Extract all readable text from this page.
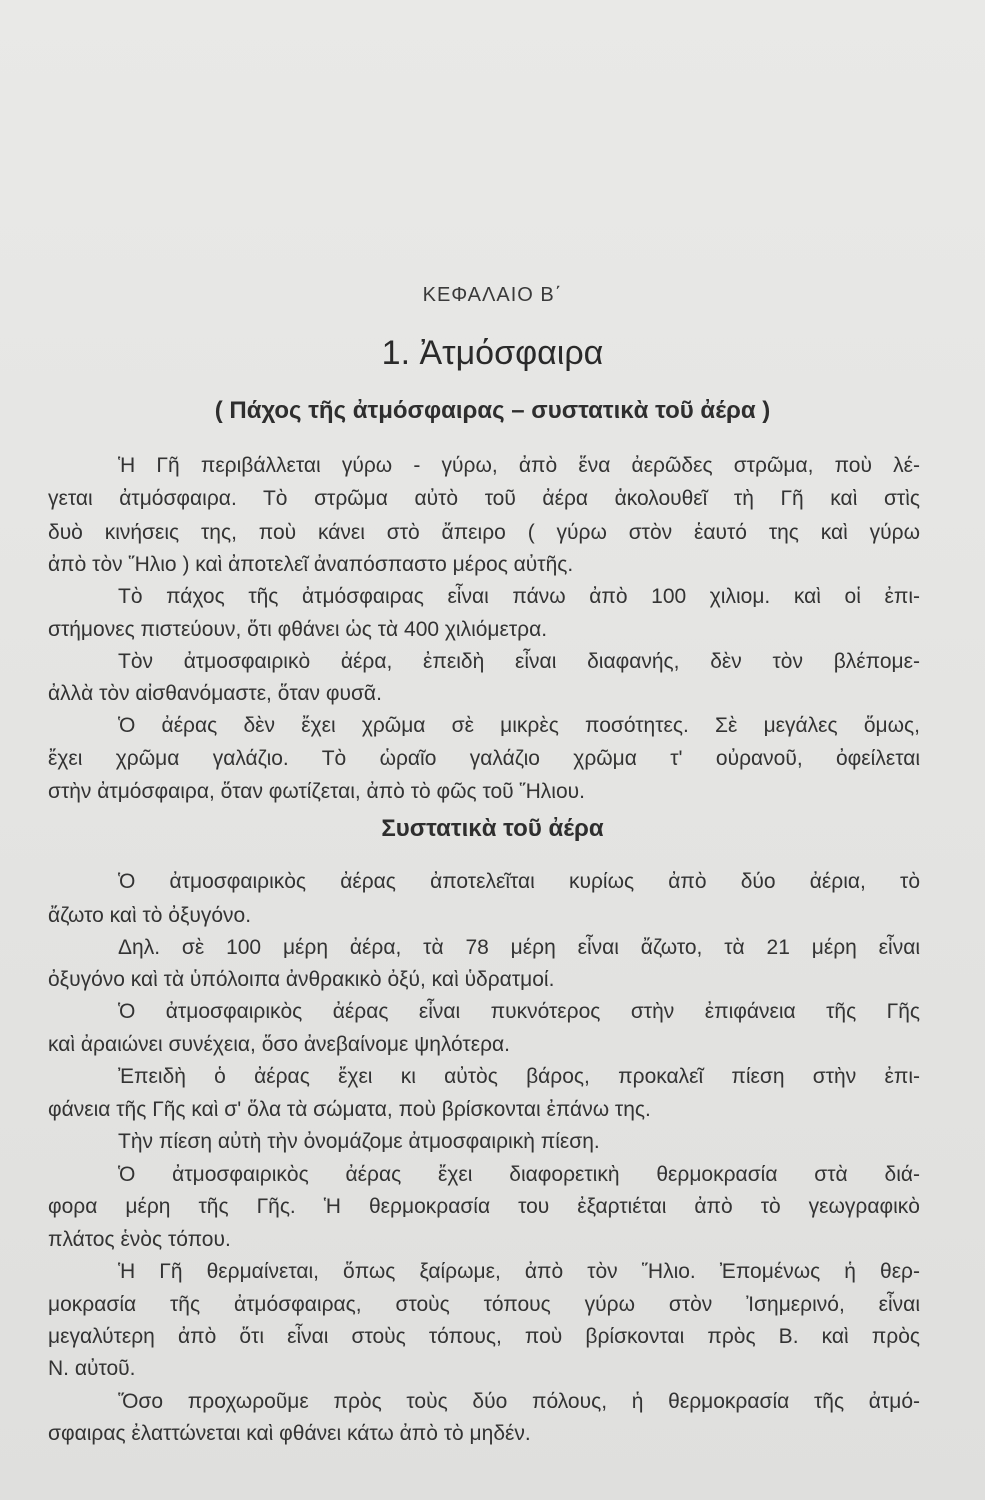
ΚΕΦΑΛΑΙΟ Β΄
1. Ἀτμόσφαιρα
( Πάχος τῆς ἀτμόσφαιρας – συστατικὰ τοῦ ἀέρα )
Ἡ Γῆ περιβάλλεται γύρω - γύρω, ἀπὸ ἕνα ἀερῶδες στρῶμα, ποὺ λέ-
γεται ἀτμόσφαιρα. Τὸ στρῶμα αὐτὸ τοῦ ἀέρα ἀκολουθεῖ τὴ Γῆ καὶ στὶς
δυὸ κινήσεις της, ποὺ κάνει στὸ ἄπειρο ( γύρω στὸν ἑαυτό της καὶ γύρω
ἀπὸ τὸν Ἥλιο ) καὶ ἀποτελεῖ ἀναπόσπαστο μέρος αὐτῆς.
Τὸ πάχος τῆς ἀτμόσφαιρας εἶναι πάνω ἀπὸ 100 χιλιομ. καὶ οἱ ἐπι-
στήμονες πιστεύουν, ὅτι φθάνει ὡς τὰ 400 χιλιόμετρα.
Τὸν ἀτμοσφαιρικὸ ἀέρα, ἐπειδὴ εἶναι διαφανής, δὲν τὸν βλέπομε-
ἀλλὰ τὸν αἰσθανόμαστε, ὅταν φυσᾶ.
Ὁ ἀέρας δὲν ἔχει χρῶμα σὲ μικρὲς ποσότητες. Σὲ μεγάλες ὅμως,
ἔχει χρῶμα γαλάζιο. Τὸ ὡραῖο γαλάζιο χρῶμα τ' οὐρανοῦ, ὀφείλεται
στὴν ἀτμόσφαιρα, ὅταν φωτίζεται, ἀπὸ τὸ φῶς τοῦ Ἥλιου.
Συστατικὰ τοῦ ἀέρα
Ὁ ἀτμοσφαιρικὸς ἀέρας ἀποτελεῖται κυρίως ἀπὸ δύο ἀέρια, τὸ
ἄζωτο καὶ τὸ ὀξυγόνο.
Δηλ. σὲ 100 μέρη ἀέρα, τὰ 78 μέρη εἶναι ἄζωτο, τὰ 21 μέρη εἶναι
ὀξυγόνο καὶ τὰ ὑπόλοιπα ἀνθρακικὸ ὀξύ, καὶ ὑδρατμοί.
Ὁ ἀτμοσφαιρικὸς ἀέρας εἶναι πυκνότερος στὴν ἐπιφάνεια τῆς Γῆς
καὶ ἀραιώνει συνέχεια, ὅσο ἀνεβαίνομε ψηλότερα.
Ἐπειδὴ ὁ ἀέρας ἔχει κι αὐτὸς βάρος, προκαλεῖ πίεση στὴν ἐπι-
φάνεια τῆς Γῆς καὶ σ' ὅλα τὰ σώματα, ποὺ βρίσκονται ἐπάνω της.
Τὴν πίεση αὐτὴ τὴν ὀνομάζομε ἀτμοσφαιρικὴ πίεση.
Ὁ ἀτμοσφαιρικὸς ἀέρας ἔχει διαφορετικὴ θερμοκρασία στὰ διά-
φορα μέρη τῆς Γῆς. Ἡ θερμοκρασία του ἐξαρτιέται ἀπὸ τὸ γεωγραφικὸ
πλάτος ἑνὸς τόπου.
Ἡ Γῆ θερμαίνεται, ὅπως ξαίρωμε, ἀπὸ τὸν Ἥλιο. Ἐπομένως ἡ θερ-
μοκρασία τῆς ἀτμόσφαιρας, στοὺς τόπους γύρω στὸν Ἰσημερινό, εἶναι
μεγαλύτερη ἀπὸ ὅτι εἶναι στοὺς τόπους, ποὺ βρίσκονται πρὸς Β. καὶ πρὸς
Ν. αὐτοῦ.
Ὅσο προχωροῦμε πρὸς τοὺς δύο πόλους, ἡ θερμοκρασία τῆς ἀτμό-
σφαιρας ἐλαττώνεται καὶ φθάνει κάτω ἀπὸ τὸ μηδέν.
